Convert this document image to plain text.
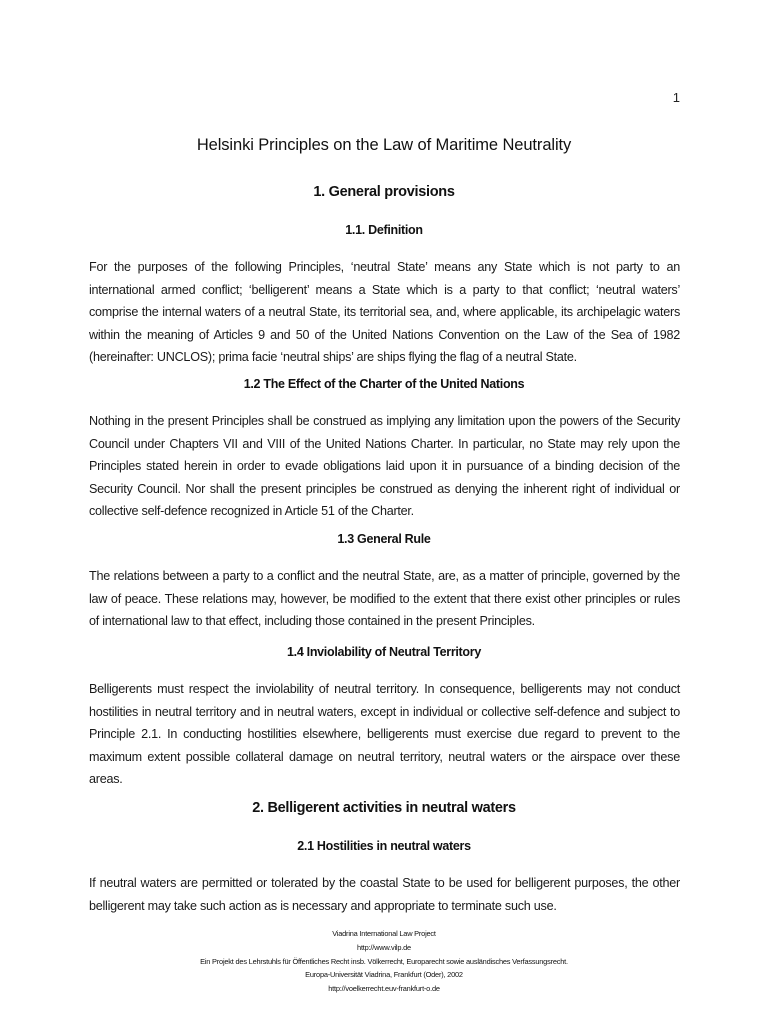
1
Helsinki Principles on the Law of Maritime Neutrality
1. General provisions
1.1. Definition

For the purposes of the following Principles, ‘neutral State’ means any State which is not party to an international armed conflict; ‘belligerent’ means a State which is a party to that conflict; ‘neutral waters’ comprise the internal waters of a neutral State, its territorial sea, and, where applicable, its archipelagic waters within the meaning of Articles 9 and 50 of the United Nations Convention on the Law of the Sea of 1982 (hereinafter: UNCLOS); prima facie ‘neutral ships’ are ships flying the flag of a neutral State.

1.2 The Effect of the Charter of the United Nations

Nothing in the present Principles shall be construed as implying any limitation upon the powers of the Security Council under Chapters VII and VIII of the United Nations Charter. In particular, no State may rely upon the Principles stated herein in order to evade obligations laid upon it in pursuance of a binding decision of the Security Council. Nor shall the present principles be construed as denying the inherent right of individual or collective self-defence recognized in Article 51 of the Charter.

1.3 General Rule

The relations between a party to a conflict and the neutral State, are, as a matter of principle, governed by the law of peace. These relations may, however, be modified to the extent that there exist other principles or rules of international law to that effect, including those contained in the present Principles.

1.4 Inviolability of Neutral Territory

Belligerents must respect the inviolability of neutral territory. In consequence, belligerents may not conduct hostilities in neutral territory and in neutral waters, except in individual or collective self-defence and subject to Principle 2.1. In conducting hostilities elsewhere, belligerents must exercise due regard to prevent to the maximum extent possible collateral damage on neutral territory, neutral waters or the airspace over these areas.

2. Belligerent activities in neutral waters
2.1 Hostilities in neutral waters

If neutral waters are permitted or tolerated by the coastal State to be used for belligerent purposes, the other belligerent may take such action as is necessary and appropriate to terminate such use.

Viadrina International Law Project
http://www.vilp.de
Ein Projekt des Lehrstuhls für Öffentliches Recht insb. Völkerrecht, Europarecht sowie ausländisches Verfassungsrecht.
Europa-Universität Viadrina, Frankfurt (Oder), 2002
http://voelkerrecht.euv-frankfurt-o.de
